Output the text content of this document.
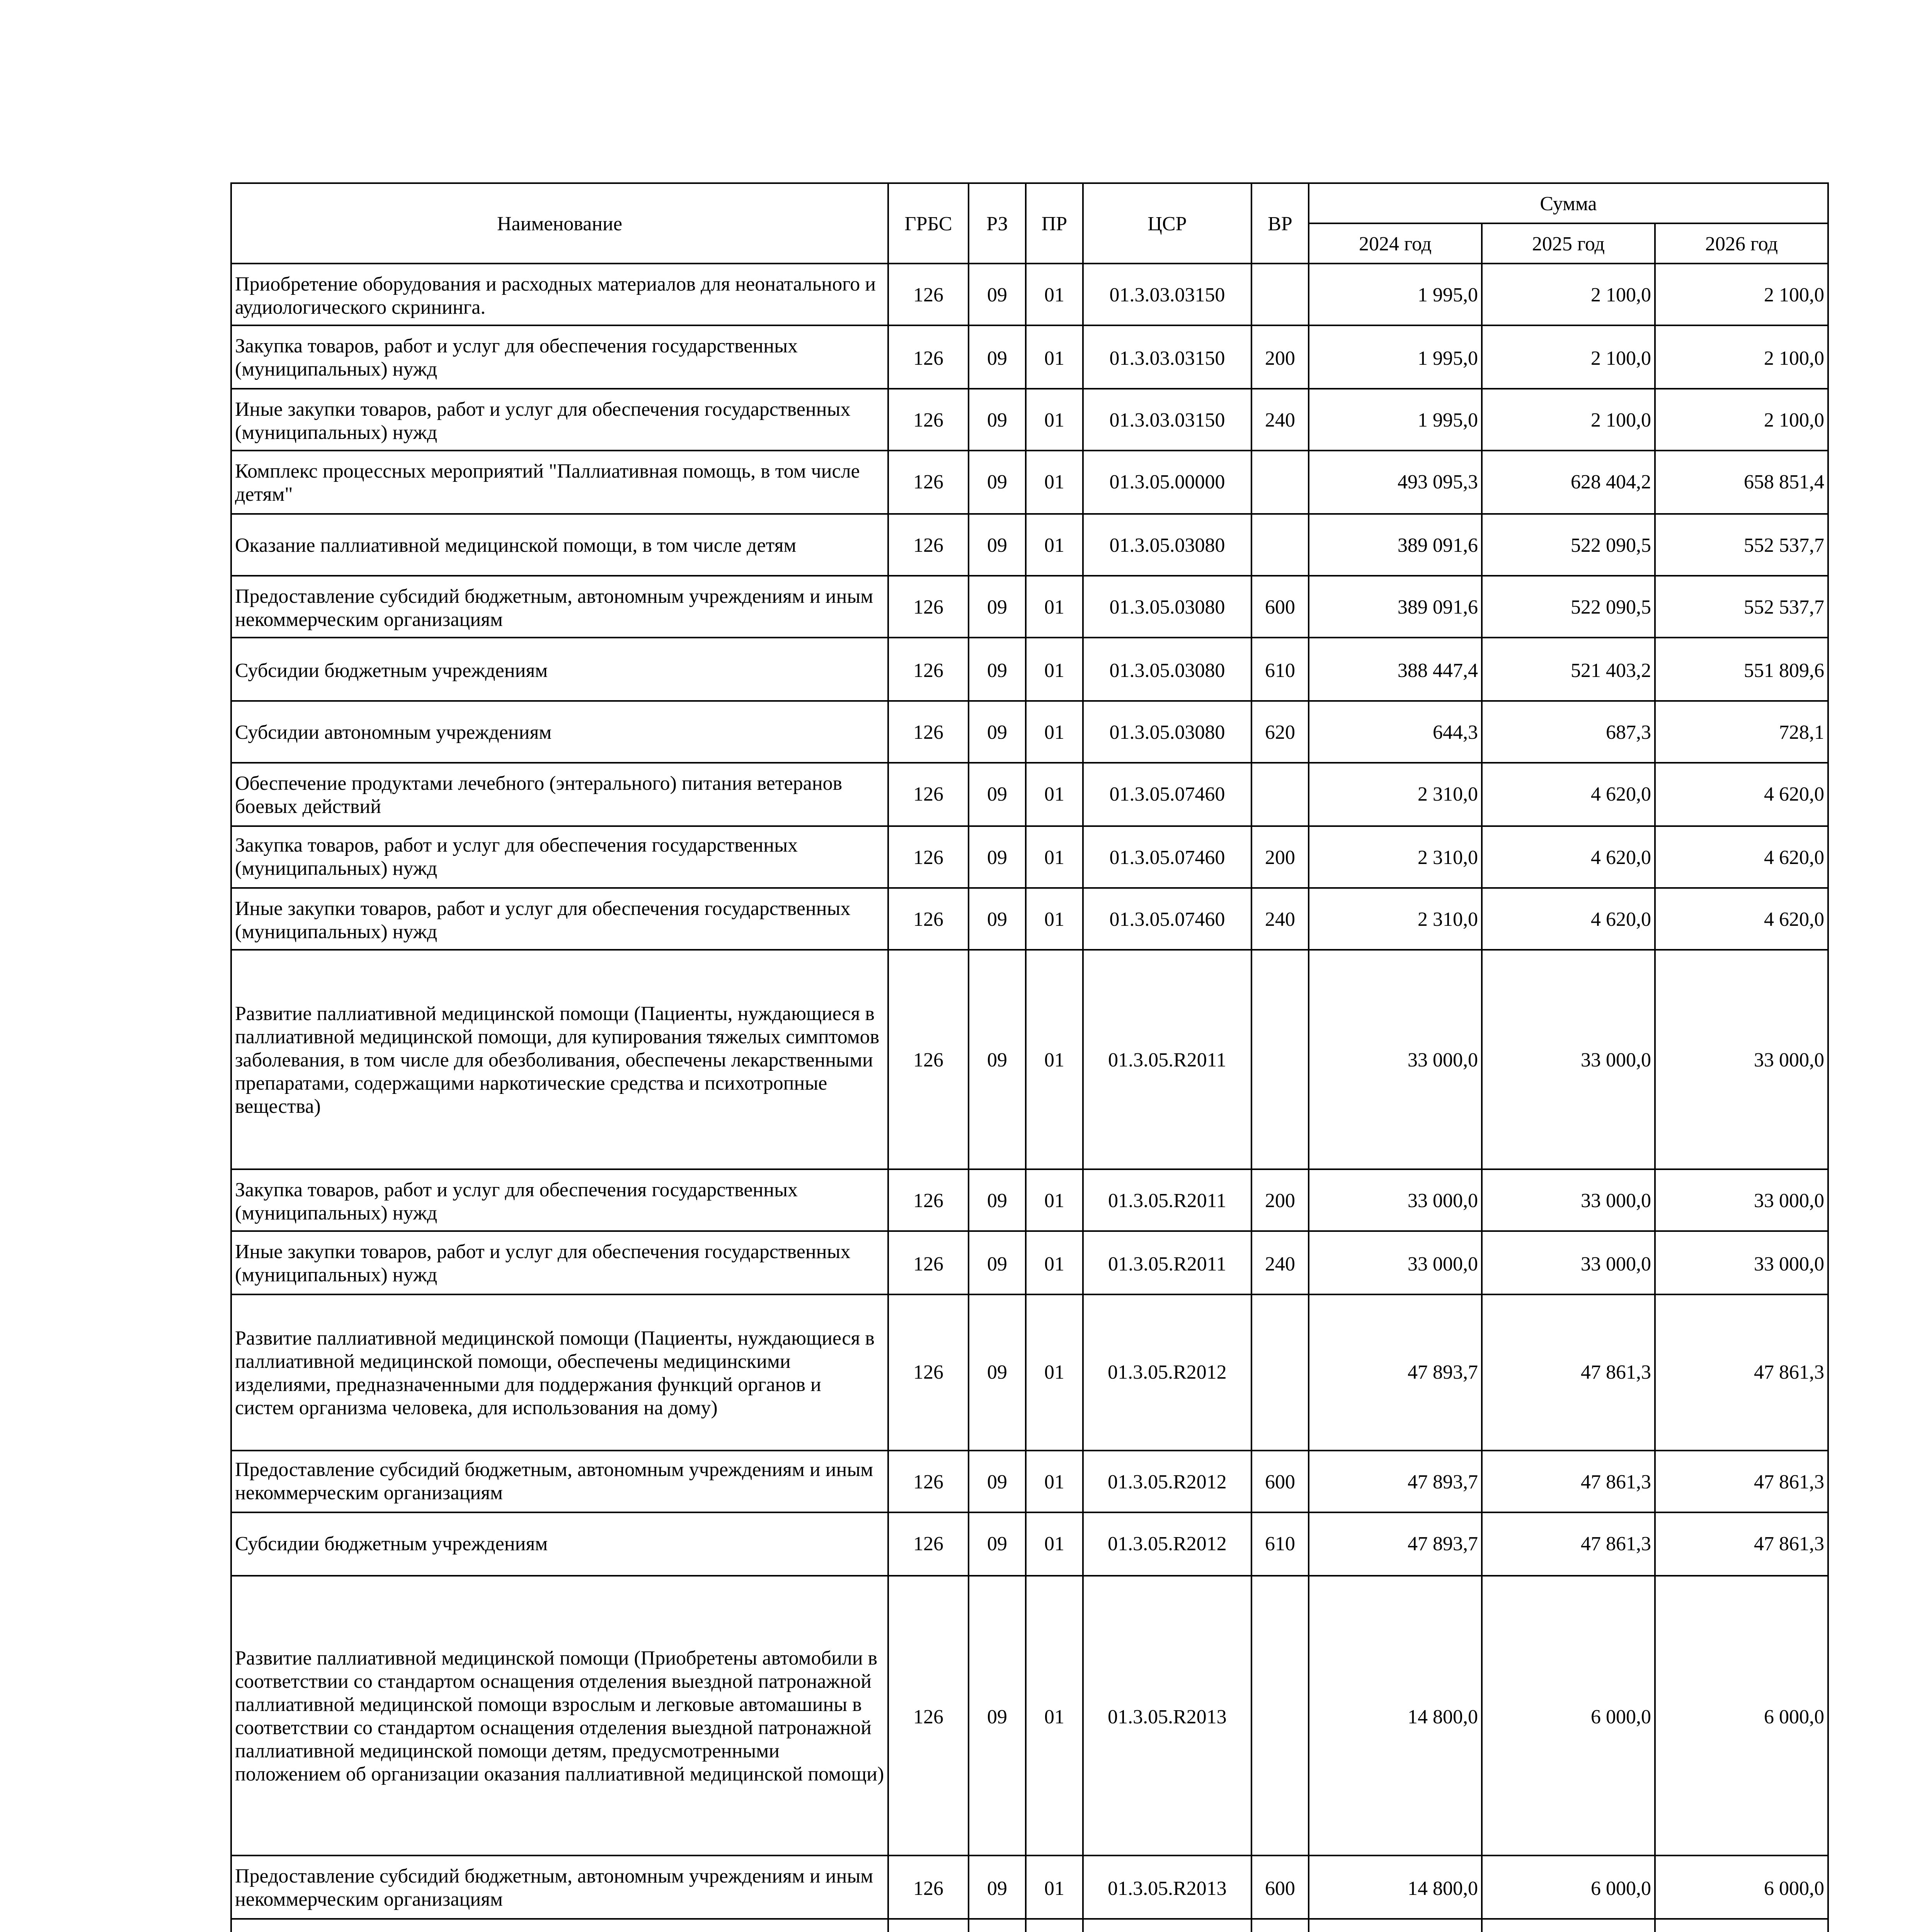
Наименование	ГРБС	РЗ	ПР	ЦСР	ВР	Сумма		
						2024 год	2025 год	2026 год
Приобретение оборудования и расходных материалов для неонатального и аудиологического скрининга.	126	09	01	01.3.03.03150		1 995,0	2 100,0	2 100,0
Закупка товаров, работ и услуг для обеспечения государственных (муниципальных) нужд	126	09	01	01.3.03.03150	200	1 995,0	2 100,0	2 100,0
Иные закупки товаров, работ и услуг для обеспечения государственных (муниципальных) нужд	126	09	01	01.3.03.03150	240	1 995,0	2 100,0	2 100,0
Комплекс процессных мероприятий "Паллиативная помощь, в том числе детям"	126	09	01	01.3.05.00000		493 095,3	628 404,2	658 851,4
Оказание паллиативной медицинской помощи, в том числе детям	126	09	01	01.3.05.03080		389 091,6	522 090,5	552 537,7
Предоставление субсидий бюджетным, автономным учреждениям и иным некоммерческим организациям	126	09	01	01.3.05.03080	600	389 091,6	522 090,5	552 537,7
Субсидии бюджетным учреждениям	126	09	01	01.3.05.03080	610	388 447,4	521 403,2	551 809,6
Субсидии автономным учреждениям	126	09	01	01.3.05.03080	620	644,3	687,3	728,1
Обеспечение продуктами лечебного (энтерального) питания ветеранов боевых действий	126	09	01	01.3.05.07460		2 310,0	4 620,0	4 620,0
Закупка товаров, работ и услуг для обеспечения государственных (муниципальных) нужд	126	09	01	01.3.05.07460	200	2 310,0	4 620,0	4 620,0
Иные закупки товаров, работ и услуг для обеспечения государственных (муниципальных) нужд	126	09	01	01.3.05.07460	240	2 310,0	4 620,0	4 620,0
Развитие паллиативной медицинской помощи (Пациенты, нуждающиеся в паллиативной медицинской помощи, для купирования тяжелых симптомов заболевания, в том числе для обезболивания, обеспечены лекарственными препаратами, содержащими наркотические средства и психотропные вещества)	126	09	01	01.3.05.R2011		33 000,0	33 000,0	33 000,0
Закупка товаров, работ и услуг для обеспечения государственных (муниципальных) нужд	126	09	01	01.3.05.R2011	200	33 000,0	33 000,0	33 000,0
Иные закупки товаров, работ и услуг для обеспечения государственных (муниципальных) нужд	126	09	01	01.3.05.R2011	240	33 000,0	33 000,0	33 000,0
Развитие паллиативной медицинской помощи (Пациенты, нуждающиеся в паллиативной медицинской помощи, обеспечены медицинскими изделиями, предназначенными для поддержания функций органов и систем организма человека, для использования на дому)	126	09	01	01.3.05.R2012		47 893,7	47 861,3	47 861,3
Предоставление субсидий бюджетным, автономным учреждениям и иным некоммерческим организациям	126	09	01	01.3.05.R2012	600	47 893,7	47 861,3	47 861,3
Субсидии бюджетным учреждениям	126	09	01	01.3.05.R2012	610	47 893,7	47 861,3	47 861,3
Развитие паллиативной медицинской помощи (Приобретены автомобили в соответствии со стандартом оснащения отделения выездной патронажной паллиативной медицинской помощи взрослым и легковые автомашины в соответствии со стандартом оснащения отделения выездной патронажной паллиативной медицинской помощи детям, предусмотренными положением об организации оказания паллиативной медицинской помощи)	126	09	01	01.3.05.R2013		14 800,0	6 000,0	6 000,0
Предоставление субсидий бюджетным, автономным учреждениям и иным некоммерческим организациям	126	09	01	01.3.05.R2013	600	14 800,0	6 000,0	6 000,0
